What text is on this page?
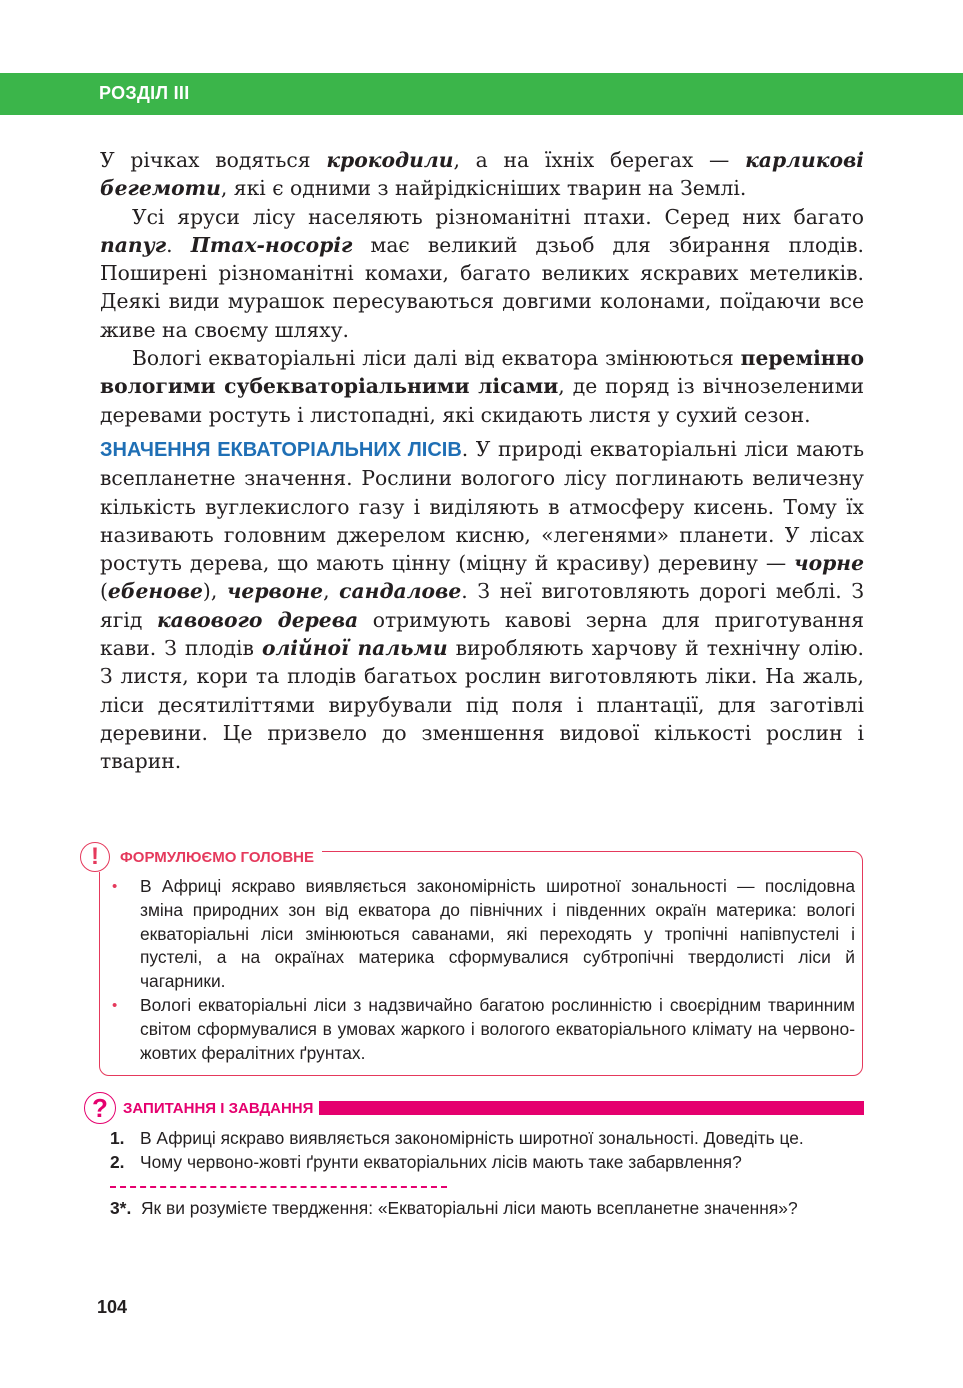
РОЗДІЛ ІІІ

У річках водяться крокодили, а на їхніх берегах — карликові бегемоти, які є одними з найрідкісніших тварин на Землі.

Усі яруси лісу населяють різноманітні птахи. Серед них багато папуг. Птах-носоріг має великий дзьоб для збирання плодів. Поширені різноманітні комахи, багато великих яскравих метеликів. Деякі види мурашок пересуваються довгими колонами, поїдаючи все живе на своєму шляху.

Вологі екваторіальні ліси далі від екватора змінюються перемінно вологими субекваторіальними лісами, де поряд із вічнозеленими деревами ростуть і листопадні, які скидають листя у сухий сезон.

ЗНАЧЕННЯ ЕКВАТОРІАЛЬНИХ ЛІСІВ. У природі екваторіальні ліси мають всепланетне значення. Рослини вологого лісу поглинають величезну кількість вуглекислого газу і виділяють в атмосферу кисень. Тому їх називають головним джерелом кисню, «легенями» планети. У лісах ростуть дерева, що мають цінну (міцну й красиву) деревину — чорне (ебенове), червоне, сандалове. З неї виготовляють дорогі меблі. З ягід кавового дерева отримують кавові зерна для приготування кави. З плодів олійної пальми виробляють харчову й технічну олію. З листя, кори та плодів багатьох рослин виготовляють ліки. На жаль, ліси десятиліттями вирубували під поля і плантації, для заготівлі деревини. Це призвело до зменшення видової кількості рослин і тварин.

!	ФОРМУЛЮЄМО ГОЛОВНЕ
• В Африці яскраво виявляється закономірність широтної зональності — послідовна зміна природних зон від екватора до північних і південних окраїн материка: вологі екваторіальні ліси змінюються саванами, які переходять у тропічні напівпустелі і пустелі, а на окраїнах материка сформувалися субтропічні твердолисті ліси й чагарники.
• Вологі екваторіальні ліси з надзвичайно багатою рослинністю і своєрідним тваринним світом сформувалися в умовах жаркого і вологого екваторіального клімату на червоно-жовтих фералітних ґрунтах.
?	ЗАПИТАННЯ І ЗАВДАННЯ
1. В Африці яскраво виявляється закономірність широтної зональності. Доведіть це.
2. Чому червоно-жовті ґрунти екваторіальних лісів мають таке забарвлення?
3*. Як ви розумієте твердження: «Екваторіальні ліси мають всепланетне значення»?
104
